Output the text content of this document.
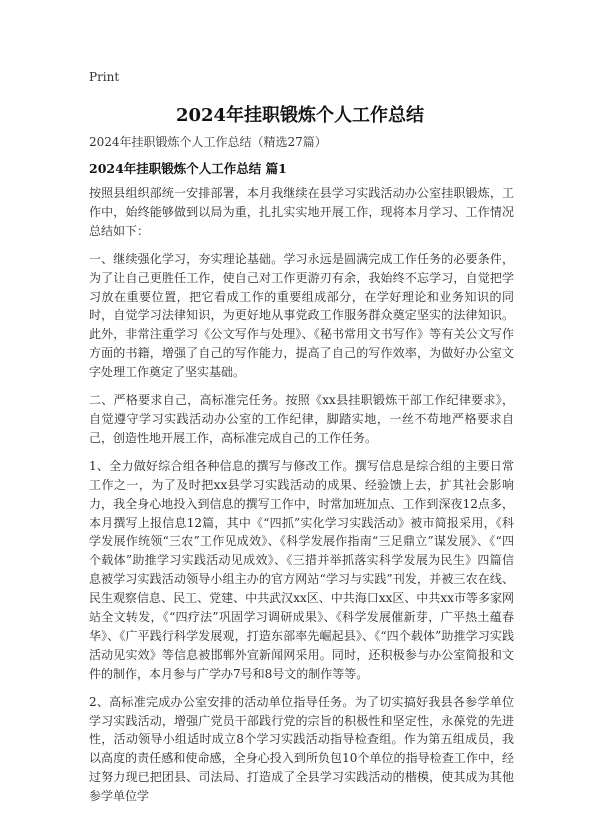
Print
2024年挂职锻炼个人工作总结
2024年挂职锻炼个人工作总结（精选27篇）
2024年挂职锻炼个人工作总结 篇1

按照县组织部统一安排部署，本月我继续在县学习实践活动办公室挂职锻炼，工作中，始终能够做到以局为重，扎扎实实地开展工作，现将本月学习、工作情况总结如下：

一、继续强化学习，夯实理论基础。学习永远是圆满完成工作任务的必要条件，为了让自己更胜任工作，使自己对工作更游刃有余，我始终不忘学习，自觉把学习放在重要位置，把它看成工作的重要组成部分，在学好理论和业务知识的同时，自觉学习法律知识，为更好地从事党政工作服务群众奠定坚实的法律知识。此外，非常注重学习《公文写作与处理》、《秘书常用文书写作》等有关公文写作方面的书籍，增强了自己的写作能力，提高了自己的写作效率，为做好办公室文字处理工作奠定了坚实基础。

二、严格要求自己，高标准完任务。按照《xx县挂职锻炼干部工作纪律要求》，自觉遵守学习实践活动办公室的工作纪律，脚踏实地，一丝不苟地严格要求自己，创造性地开展工作，高标准完成自己的工作任务。

1、全力做好综合组各种信息的撰写与修改工作。撰写信息是综合组的主要日常工作之一，为了及时把xx县学习实践活动的成果、经验馈上去，扩其社会影响力，我全身心地投入到信息的撰写工作中，时常加班加点、工作到深夜12点多，本月撰写上报信息12篇，其中《“四抓”实化学习实践活动》被市简报采用，《科学发展作统领“三农”工作见成效》、《科学发展作指南“三足鼎立”谋发展》、《“四个载体”助推学习实践活动见成效》、《三措并举抓落实科学发展为民生》四篇信息被学习实践活动领导小组主办的官方网站“学习与实践”刊发，并被三农在线、民生观察信息、民工、党建、中共武汉xx区、中共海口xx区、中共xx市等多家网站全文转发，《“四疗法”巩固学习调研成果》、《科学发展催新芽，广平热土蕴春华》、《广平践行科学发展观，打造东部率先崛起县》、《“四个载体”助推学习实践活动见实效》等信息被邯郸外宣新闻网采用。同时，还积极参与办公室简报和文件的制作，本月参与广学办7号和8号文的制作等等。

2、高标准完成办公室安排的活动单位指导任务。为了切实搞好我县各参学单位学习实践活动，增强广党员干部践行党的宗旨的积极性和坚定性，永葆党的先进性，活动领导小组适时成立8个学习实践活动指导检查组。作为第五组成员，我以高度的责任感和使命感，全身心投入到所负包10个单位的指导检查工作中，经过努力现已把团县、司法局、打造成了全县学习实践活动的楷模，使其成为其他参学单位学
